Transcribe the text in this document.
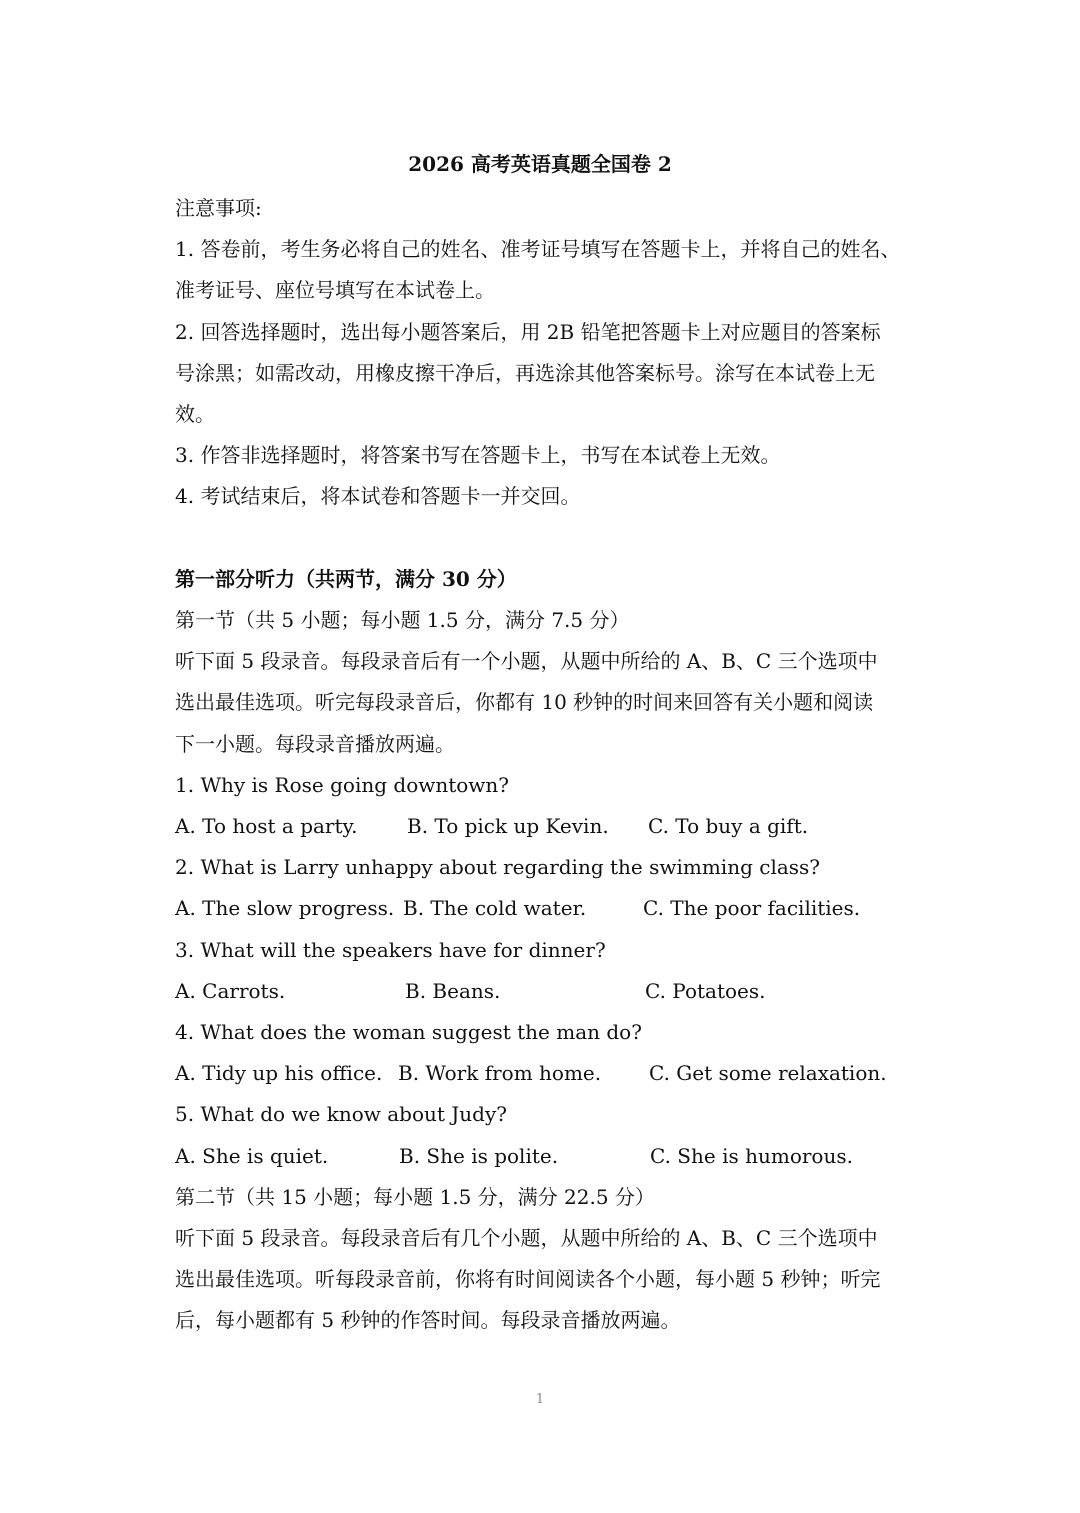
2026 高考英语真题全国卷 2
注意事项:
1. 答卷前，考生务必将自己的姓名、准考证号填写在答题卡上，并将自己的姓名、
准考证号、座位号填写在本试卷上。
2. 回答选择题时，选出每小题答案后，用 2B 铅笔把答题卡上对应题目的答案标
号涂黑；如需改动，用橡皮擦干净后，再选涂其他答案标号。涂写在本试卷上无
效。
3. 作答非选择题时，将答案书写在答题卡上，书写在本试卷上无效。
4. 考试结束后，将本试卷和答题卡一并交回。
第一部分听力（共两节，满分 30 分）
第一节（共 5 小题；每小题 1.5 分，满分 7.5 分）
听下面 5 段录音。每段录音后有一个小题，从题中所给的 A、B、C 三个选项中
选出最佳选项。听完每段录音后，你都有 10 秒钟的时间来回答有关小题和阅读
下一小题。每段录音播放两遍。
1. Why is Rose going downtown?
A. To host a party.	B. To pick up Kevin.	C. To buy a gift.
2. What is Larry unhappy about regarding the swimming class?
A. The slow progress. B. The cold water.	C. The poor facilities.
3. What will the speakers have for dinner?
A. Carrots.	B. Beans.	C. Potatoes.
4. What does the woman suggest the man do?
A. Tidy up his office. B. Work from home.	C. Get some relaxation.
5. What do we know about Judy?
A. She is quiet.	B. She is polite.	C. She is humorous.
第二节（共 15 小题；每小题 1.5 分，满分 22.5 分）
听下面 5 段录音。每段录音后有几个小题，从题中所给的 A、B、C 三个选项中
选出最佳选项。听每段录音前，你将有时间阅读各个小题，每小题 5 秒钟；听完
后，每小题都有 5 秒钟的作答时间。每段录音播放两遍。
1
